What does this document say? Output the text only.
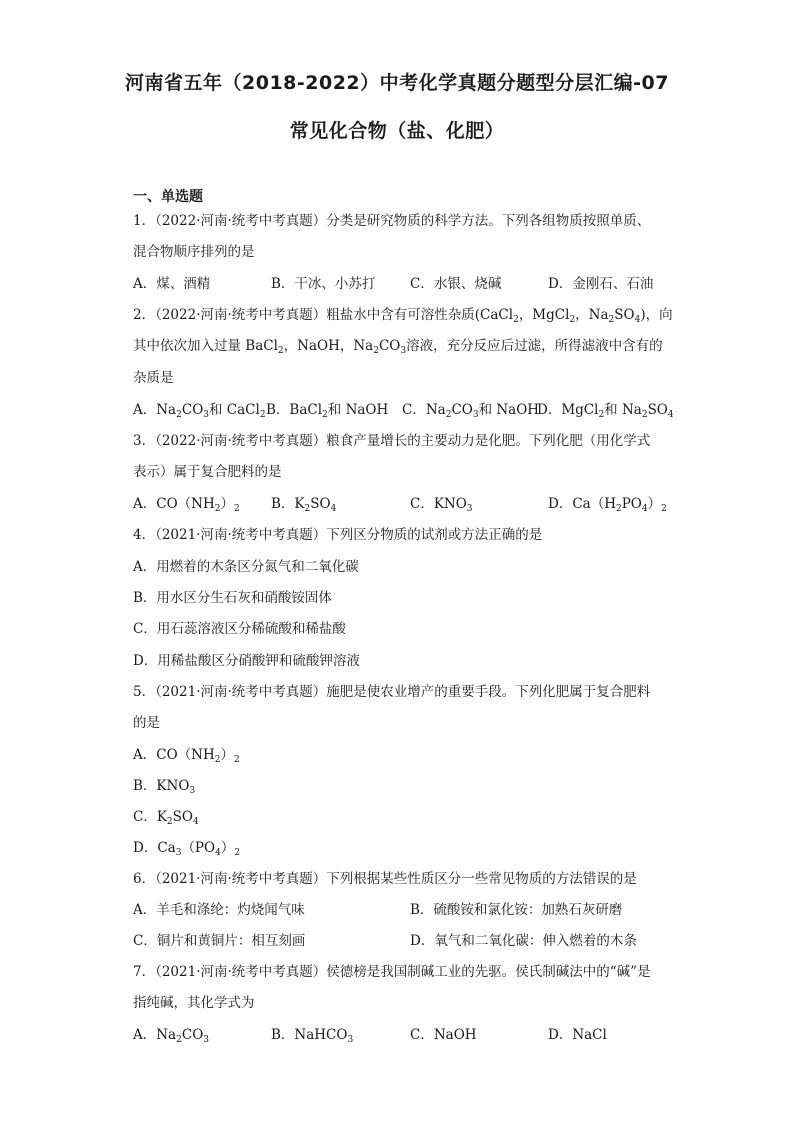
河南省五年（2018-2022）中考化学真题分题型分层汇编-07
常见化合物（盐、化肥）
一、单选题
1．（2022·河南·统考中考真题）分类是研究物质的科学方法。下列各组物质按照单质、
混合物顺序排列的是
A．煤、酒精	B．干冰、小苏打	C．水银、烧碱	D．金刚石、石油
2．（2022·河南·统考中考真题）粗盐水中含有可溶性杂质(CaCl$_2$，MgCl$_2$，$Na_2SO_4$)，向
其中依次加入过量 BaCl$_2$，NaOH，$Na_2CO_3$溶液，充分反应后过滤，所得滤液中含有的
杂质是
A．$Na_2CO_3$和 CaCl$_2$ B．BaCl$_2$和 NaOH C．$Na_2CO_3$和 NaOH
D．MgCl$_2$和 $Na_2SO_4$
3．（2022·河南·统考中考真题）粮食产量增长的主要动力是化肥。下列化肥（用化学式
表示）属于复合肥料的是
A．$CO(NH_2)_2$ B．$K_2SO_4$	C．$KNO_3$	D．$Ca(H_2PO_4)_2$
4．（2021·河南·统考中考真题）下列区分物质的试剂或方法正确的是
A．用燃着的木条区分氮气和二氧化碳
B．用水区分生石灰和硝酸铵固体
C．用石蕊溶液区分稀硫酸和稀盐酸
D．用稀盐酸区分硝酸钾和硫酸钾溶液
5．（2021·河南·统考中考真题）施肥是使农业增产的重要手段。下列化肥属于复合肥料
的是
A．$CO(NH_2)_2$
B．$KNO_3$
C．$K_2SO_4$
D．$Ca_3(PO_4)_2$
6．（2021·河南·统考中考真题）下列根据某些性质区分一些常见物质的方法错误的是
A．羊毛和涤纶：灼烧闻气味	B．硫酸铵和氯化铵：加熟石灰研磨
C．铜片和黄铜片：相互刻画	D．氧气和二氧化碳：伸入燃着的木条
7．（2021·河南·统考中考真题）侯德榜是我国制碱工业的先驱。侯氏制碱法中的“碱”是
指纯碱，其化学式为
A．$Na_2CO_3$	B．NaHCO$_3$	C．NaOH	D．NaCl
